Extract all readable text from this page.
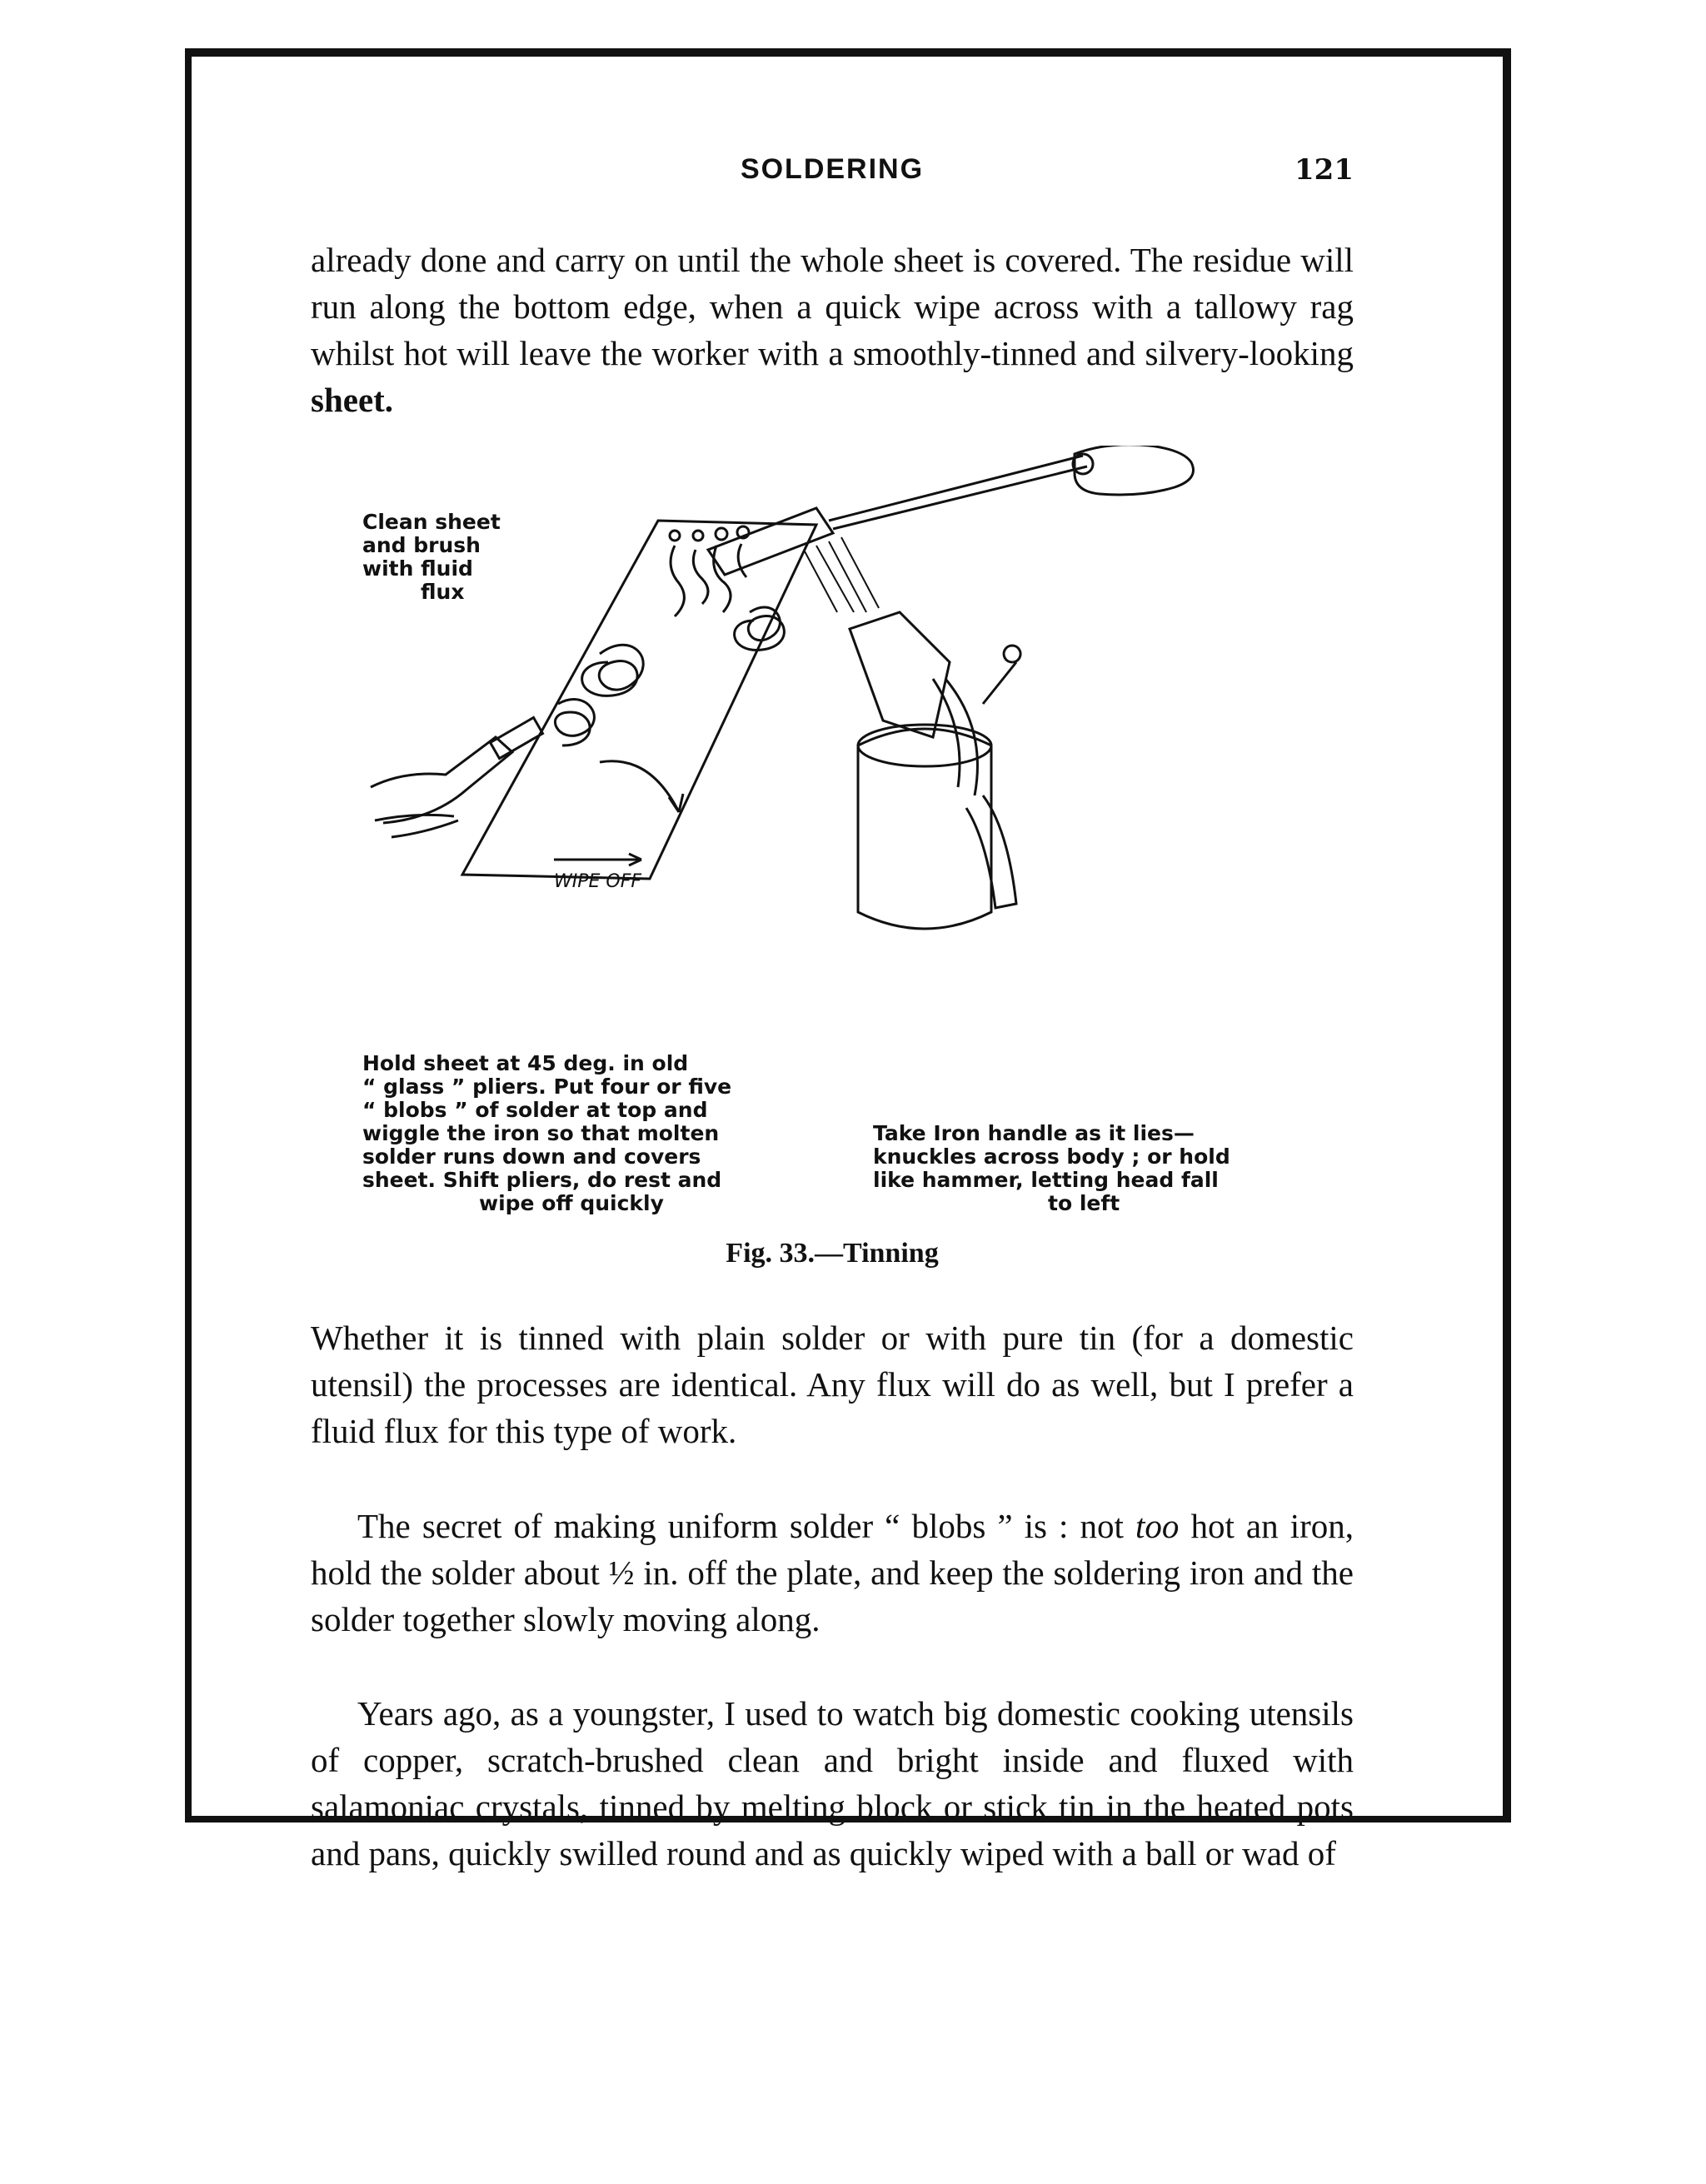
SOLDERING	121

already done and carry on until the whole sheet is covered. The residue will run along the bottom edge, when a quick wipe across with a tallowy rag whilst hot will leave the worker with a smoothly-tinned and silvery-looking sheet.

WIPE OFF

Clean sheet
and brush
with fluid
flux

Hold sheet at 45 deg. in old
“ glass ” pliers. Put four or five
“ blobs ” of solder at top and
wiggle the iron so that molten
solder runs down and covers
sheet. Shift pliers, do rest and
wipe off quickly

Take Iron handle as it lies—
knuckles across body ; or hold
like hammer, letting head fall
to left

Fig. 33.—Tinning

Whether it is tinned with plain solder or with pure tin (for a domestic utensil) the processes are identical. Any flux will do as well, but I prefer a fluid flux for this type of work.

The secret of making uniform solder “ blobs ” is : not too hot an iron, hold the solder about ½ in. off the plate, and keep the soldering iron and the solder together slowly moving along.

Years ago, as a youngster, I used to watch big domestic cooking utensils of copper, scratch-brushed clean and bright inside and fluxed with salamoniac crystals, tinned by melting block or stick tin in the heated pots and pans, quickly swilled round and as quickly wiped with a ball or wad of
